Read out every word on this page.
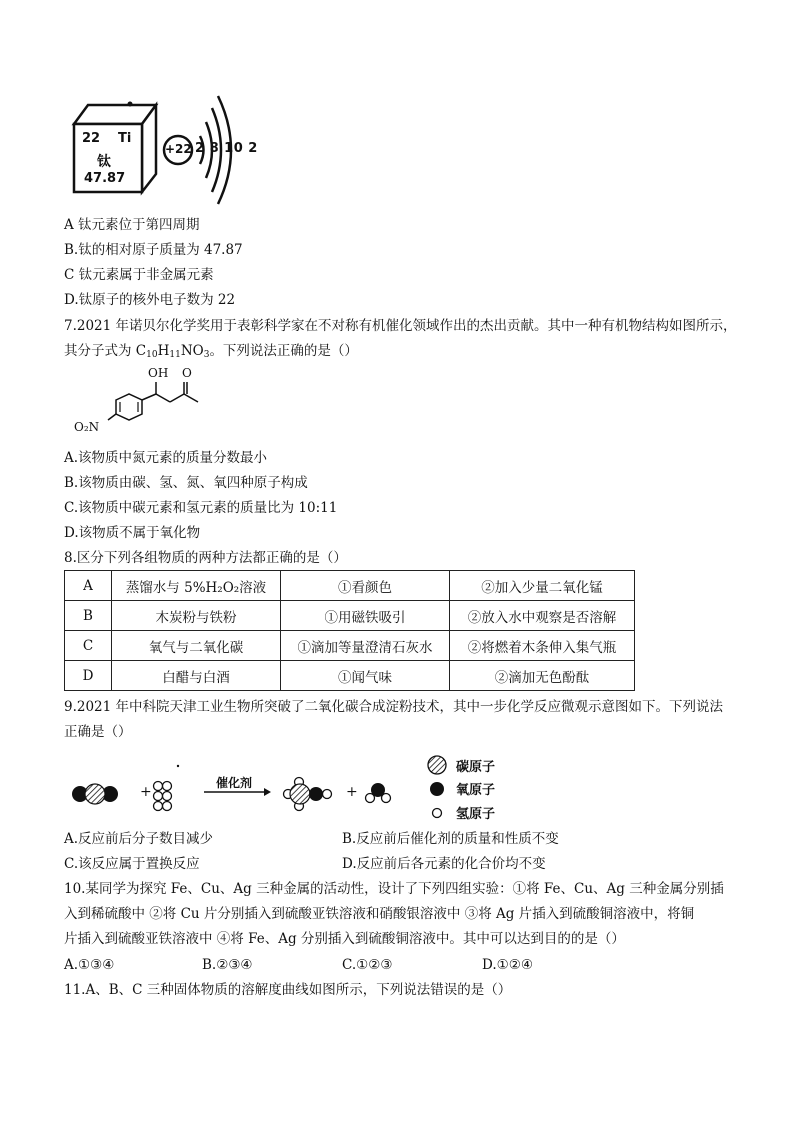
22 Ti
钛
47.87
+22 2 8 10 2
A 钛元素位于第四周期
B.钛的相对原子质量为 47.87
C 钛元素属于非金属元素
D.钛原子的核外电子数为 22
7.2021 年诺贝尔化学奖用于表彰科学家在不对称有机催化领域作出的杰出贡献。其中一种有机物结构如图所示，
其分子式为 $C_{10}H_{11}NO_3$。下列说法正确的是（）
OH O
O₂N
A.该物质中氮元素的质量分数最小
B.该物质由碳、氢、氮、氧四种原子构成
C.该物质中碳元素和氢元素的质量比为 10:11
D.该物质不属于氧化物
8.区分下列各组物质的两种方法都正确的是（）
A	蒸馏水与 5%H₂O₂溶液	①看颜色	②加入少量二氧化锰
B	木炭粉与铁粉	①用磁铁吸引	②放入水中观察是否溶解
C	氧气与二氧化碳	①滴加等量澄清石灰水	②将燃着木条伸入集气瓶
D	白醋与白酒	①闻气味	②滴加无色酚酞
9.2021 年中科院天津工业生物所突破了二氧化碳合成淀粉技术，其中一步化学反应微观示意图如下。下列说法
正确是（）
+	+
催化剂
碳原子
氧原子
氢原子
A.反应前后分子数目减少	B.反应前后催化剂的质量和性质不变
C.该反应属于置换反应	D.反应前后各元素的化合价均不变
10.某同学为探究 Fe、Cu、Ag 三种金属的活动性，设计了下列四组实验：①将 Fe、Cu、Ag 三种金属分别插
入到稀硫酸中 ②将 Cu 片分别插入到硫酸亚铁溶液和硝酸银溶液中 ③将 Ag 片插入到硫酸铜溶液中，将铜
片插入到硫酸亚铁溶液中 ④将 Fe、Ag 分别插入到硫酸铜溶液中。其中可以达到目的的是（）
A.①③④	B.②③④	C.①②③	D.①②④
11.A、B、C 三种固体物质的溶解度曲线如图所示，下列说法错误的是（）
